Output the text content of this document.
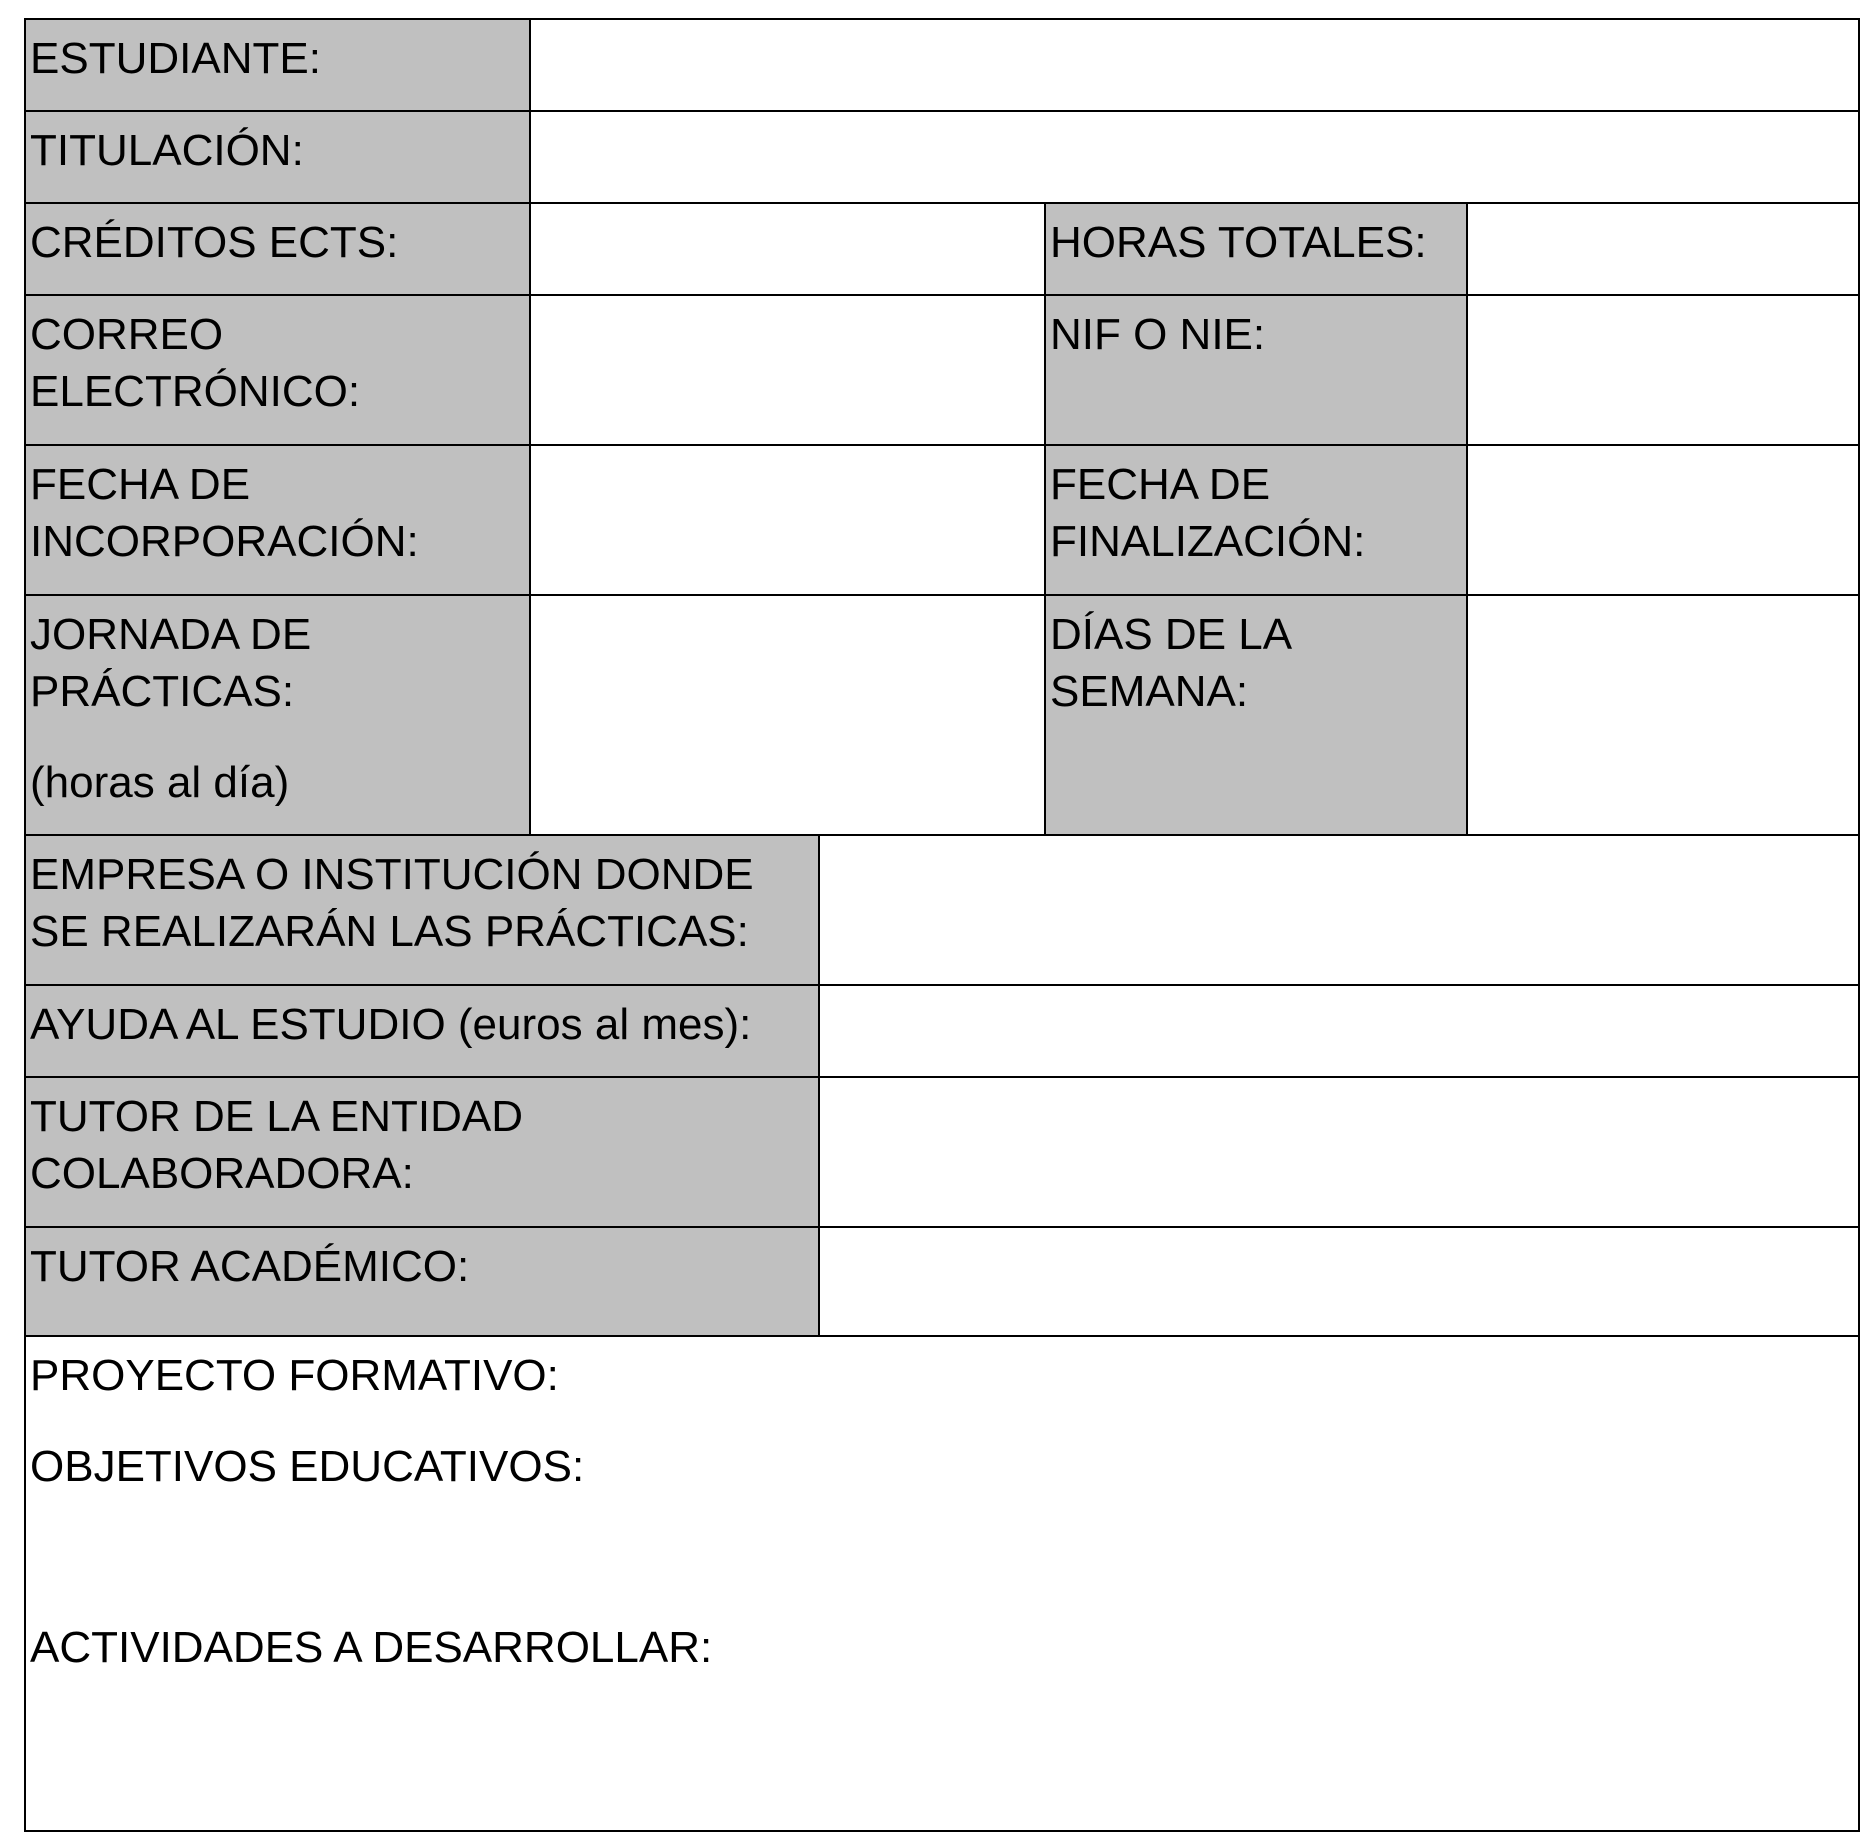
ESTUDIANTE:
TITULACIÓN:
CRÉDITOS ECTS:	HORAS TOTALES:
CORREO
ELECTRÓNICO:
NIF O NIE:
FECHA DE
INCORPORACIÓN:
FECHA DE
FINALIZACIÓN:
JORNADA DE
PRÁCTICAS:
(horas al día)
DÍAS DE LA
SEMANA:
EMPRESA O INSTITUCIÓN DONDE
SE REALIZARÁN LAS PRÁCTICAS:
AYUDA AL ESTUDIO (euros al mes):
TUTOR DE LA ENTIDAD
COLABORADORA:
TUTOR ACADÉMICO:
PROYECTO FORMATIVO:
OBJETIVOS EDUCATIVOS:
ACTIVIDADES A DESARROLLAR:
